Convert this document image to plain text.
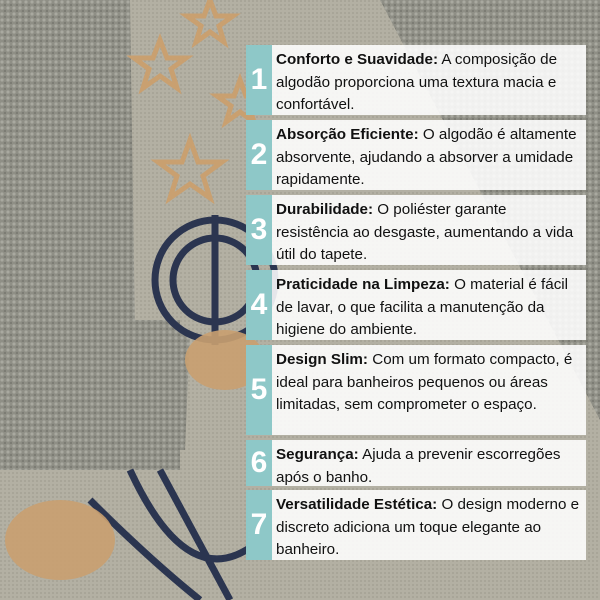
1
Conforto e Suavidade: A composição de algodão proporciona uma textura macia e confortável.
2
Absorção Eficiente: O algodão é altamente absorvente, ajudando a absorver a umidade rapidamente.
3
Durabilidade: O poliéster garante resistência ao desgaste, aumentando a vida útil do tapete.
4
Praticidade na Limpeza: O material é fácil de lavar, o que facilita a manutenção da higiene do ambiente.
5
Design Slim: Com um formato compacto, é ideal para banheiros pequenos ou áreas limitadas, sem comprometer o espaço.
6 Segurança: Ajuda a prevenir escorregões após o banho.
7
Versatilidade Estética: O design moderno e discreto adiciona um toque elegante ao banheiro.
